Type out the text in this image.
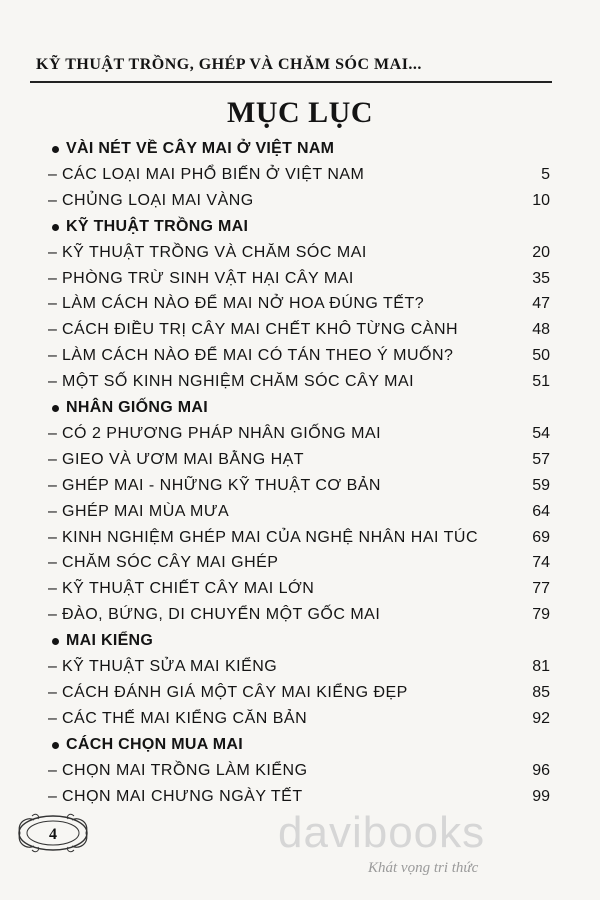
KỸ THUẬT TRỒNG, GHÉP VÀ CHĂM SÓC MAI...
MỤC LỤC
VÀI NÉT VỀ CÂY MAI Ở VIỆT NAM
– CÁC LOẠI MAI PHỔ BIẾN Ở VIỆT NAM	5
– CHỦNG LOẠI MAI VÀNG	10
KỸ THUẬT TRỒNG MAI
– KỸ THUẬT TRỒNG VÀ CHĂM SÓC MAI	20
– PHÒNG TRỪ SINH VẬT HẠI CÂY MAI	35
– LÀM CÁCH NÀO ĐỂ MAI NỞ HOA ĐÚNG TẾT?	47
– CÁCH ĐIỀU TRỊ CÂY MAI CHẾT KHÔ TỪNG CÀNH	48
– LÀM CÁCH NÀO ĐỂ MAI CÓ TÁN THEO Ý MUỐN?	50
– MỘT SỐ KINH NGHIỆM CHĂM SÓC CÂY MAI	51
NHÂN GIỐNG MAI
– CÓ 2 PHƯƠNG PHÁP NHÂN GIỐNG MAI	54
– GIEO VÀ ƯƠM MAI BẰNG HẠT	57
– GHÉP MAI - NHỮNG KỸ THUẬT CƠ BẢN	59
– GHÉP MAI MÙA MƯA	64
– KINH NGHIỆM GHÉP MAI CỦA NGHỆ NHÂN HAI TÚC	69
– CHĂM SÓC CÂY MAI GHÉP	74
– KỸ THUẬT CHIẾT CÂY MAI LỚN	77
– ĐÀO, BỨNG, DI CHUYỂN MỘT GỐC MAI	79
MAI KIỂNG
– KỸ THUẬT SỬA MAI KIỂNG	81
– CÁCH ĐÁNH GIÁ MỘT CÂY MAI KIỂNG ĐẸP	85
– CÁC THẾ MAI KIỂNG CĂN BẢN	92
CÁCH CHỌN MUA MAI
– CHỌN MAI TRỒNG LÀM KIỂNG	96
– CHỌN MAI CHƯNG NGÀY TẾT	99
4	davibooks
Khát vọng tri thức
